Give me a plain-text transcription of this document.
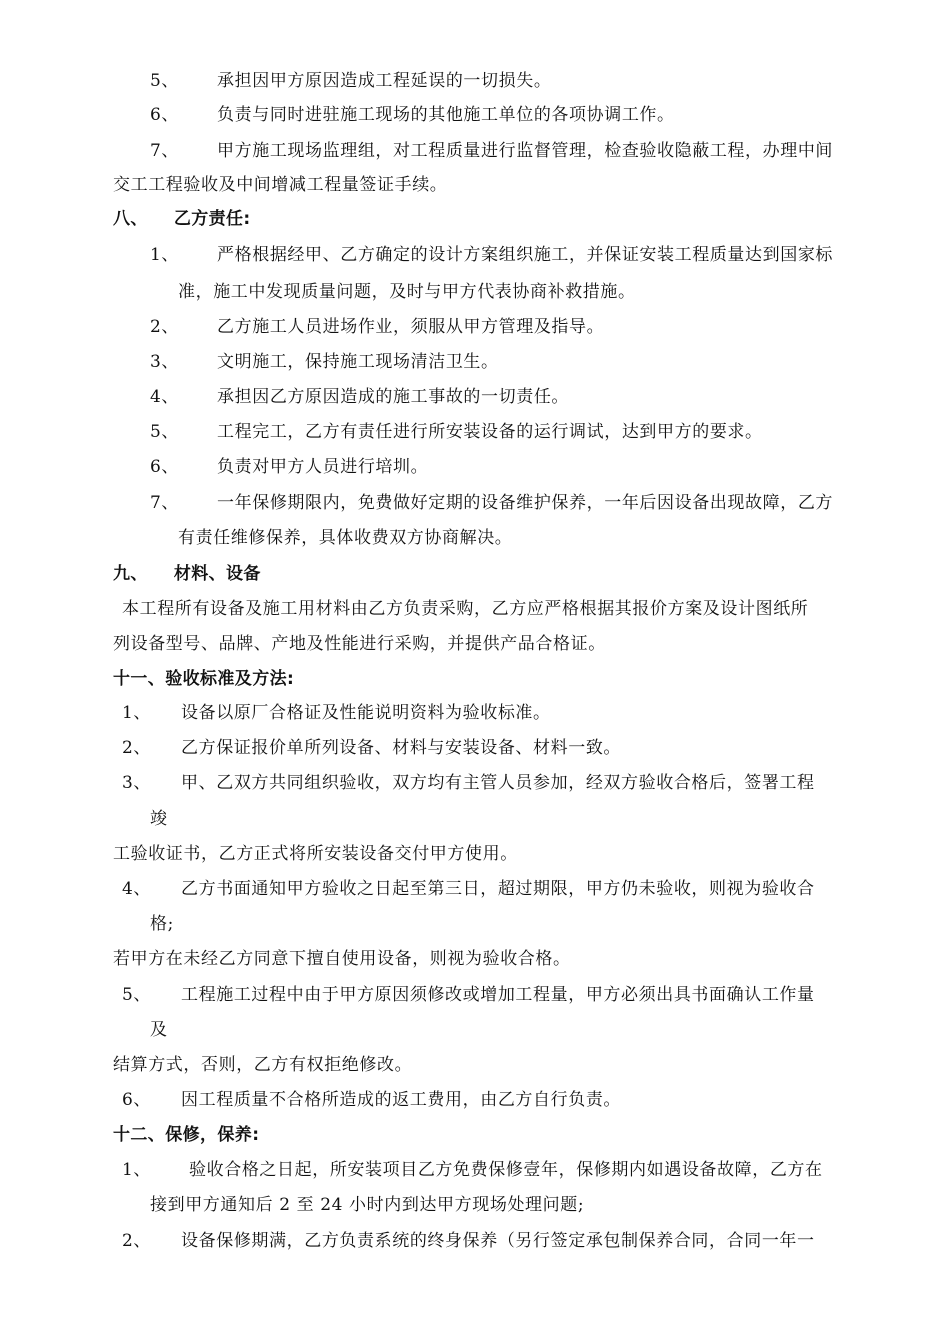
5、 承担因甲方原因造成工程延误的一切损失。
6、 负责与同时进驻施工现场的其他施工单位的各项协调工作。
7、 甲方施工现场监理组，对工程质量进行监督管理，检查验收隐蔽工程，办理中间
交工工程验收及中间增减工程量签证手续。
八、 乙方责任:
1、 严格根据经甲、乙方确定的设计方案组织施工，并保证安装工程质量达到国家标
准，施工中发现质量问题，及时与甲方代表协商补救措施。
2、 乙方施工人员进场作业，须服从甲方管理及指导。
3、 文明施工，保持施工现场清洁卫生。
4、 承担因乙方原因造成的施工事故的一切责任。
5、 工程完工，乙方有责任进行所安装设备的运行调试，达到甲方的要求。
6、 负责对甲方人员进行培圳。
7、 一年保修期限内，免费做好定期的设备维护保养，一年后因设备出现故障，乙方
有责任维修保养，具体收费双方协商解决。
九、 材料、设备
本工程所有设备及施工用材料由乙方负责采购，乙方应严格根据其报价方案及设计图纸所
列设备型号、品牌、产地及性能进行采购，并提供产品合格证。
十一、验收标准及方法:
1、 设备以原厂合格证及性能说明资料为验收标准。
2、 乙方保证报价单所列设备、材料与安装设备、材料一致。
3、 甲、乙双方共同组织验收，双方均有主管人员参加，经双方验收合格后，签署工程
竣
工验收证书，乙方正式将所安装设备交付甲方使用。
4、 乙方书面通知甲方验收之日起至第三日，超过期限，甲方仍未验收，则视为验收合
格;
若甲方在未经乙方同意下擅自使用设备，则视为验收合格。
5、 工程施工过程中由于甲方原因须修改或增加工程量，甲方必须出具书面确认工作量
及
结算方式，否则，乙方有权拒绝修改。
6、 因工程质量不合格所造成的返工费用，由乙方自行负责。
十二、保修，保养:
1、 验收合格之日起，所安装项目乙方免费保修壹年，保修期内如遇设备故障，乙方在
接到甲方通知后 2 至 24 小时内到达甲方现场处理问题;
2、 设备保修期满，乙方负责系统的终身保养（另行签定承包制保养合同，合同一年一
